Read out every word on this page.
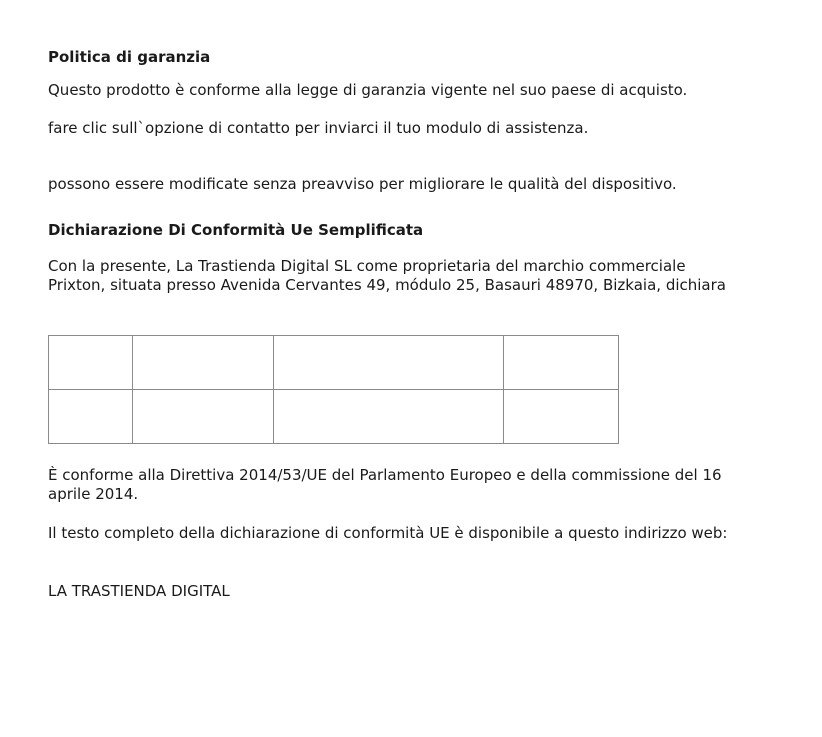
Politica di garanzia

Questo prodotto è conforme alla legge di garanzia vigente nel suo paese di acquisto.

fare clic sull`opzione di contatto per inviarci il tuo modulo di assistenza.

possono essere modificate senza preavviso per migliorare le qualità del dispositivo.

Dichiarazione Di Conformità Ue Semplificata

Con la presente, La Trastienda Digital SL come proprietaria del marchio commerciale

Prixton, situata presso Avenida Cervantes 49, módulo 25, Basauri 48970, Bizkaia, dichiara

È conforme alla Direttiva 2014/53/UE del Parlamento Europeo e della commissione del 16 aprile 2014.

Il testo completo della dichiarazione di conformità UE è disponibile a questo indirizzo web:

LA TRASTIENDA DIGITAL
